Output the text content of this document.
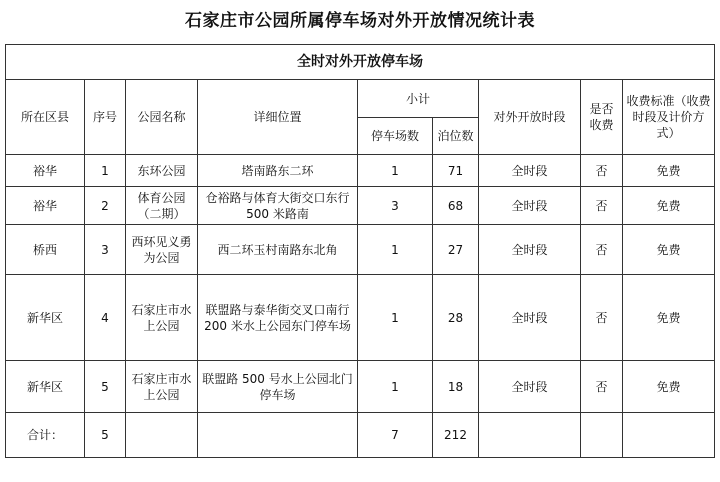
石家庄市公园所属停车场对外开放情况统计表
全时对外开放停车场								
所在区县	序号	公园名称	详细位置	小计		对外开放时段	是否收费	收费标准（收费时段及计价方式）
				停车场数	泊位数			
裕华	1	东环公园	塔南路东二环	1	71	全时段	否	免费
裕华	2	体育公园（二期）	仓裕路与体育大街交口东行 500 米路南	3	68	全时段	否	免费
桥西	3	西环见义勇为公园	西二环玉村南路东北角	1	27	全时段	否	免费
新华区	4	石家庄市水上公园	联盟路与泰华街交叉口南行 200 米水上公园东门停车场	1	28	全时段	否	免费
新华区	5	石家庄市水上公园	联盟路 500 号水上公园北门停车场	1	18	全时段	否	免费
合计：	5			7	212			
